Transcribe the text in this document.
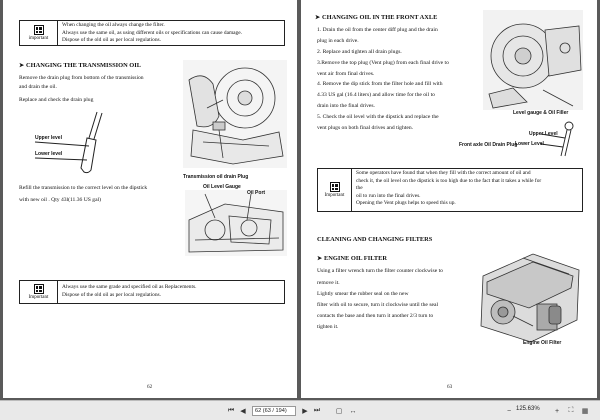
important
When changing the oil always change the filter.
Always use the same oil, as using different oils or specifications can cause damage.
Dispose of the old oil as per local regulations.
➤ CHANGING THE TRANSMISSION OIL
Remove the drain plug from bottom of the transmission
and drain the oil.
Replace and check the drain plug
Upper level
Lower level
Transmission oil drain Plug
Refill the transmission to the correct level on the dipstick
with new oil . Qty 43l(11.36 US gal)
Oil Level Gauge
Oil Port
Important
Always use the same grade and specified oil as Replacements.
Dispose of the old oil as per local regulations.
62
➤ CHANGING OIL IN THE FRONT AXLE
1. Drain the oil from the center diff plug and the drain
plug in each drive.
2. Replace and tighten all drain plugs.
3.Remove the top plug (Vent plug) from each final drive to
vent air from final drives.
4. Remove the dip stick from the filter hole and fill with
4.33 US gal (16.4 liters) and allow time for the oil to
drain into the final drives.
5. Check the oil level with the dipstick and replace the
vent plugs on both final drives and tighten.
Level gauge & Oil Filler
Upper Level
Lower Level
Front axle Oil Drain Plug
Important
Some operators have found that when they fill with the correct amount of oil and
check it, the oil level on the dipstick is too high due to the fact that it takes a while for
the
oil to run into the final drives.
Opening the Vent plugs helps to speed this up.
CLEANING AND CHANGING FILTERS
➤ ENGINE OIL FILTER
Using a filter wrench turn the filter counter clockwise to
remove it.
Lightly smear the rubber seal on the new
filter with oil to secure, turn it clockwise until the seal
contacts the base and then turn it another 2/3 turn to
tighten it.
Engine Oil Filter
63
⏮ ◀	62 (63 / 194)	▶ ⏭ ▢ ↔	− 125.63%	+	⛶	▦
